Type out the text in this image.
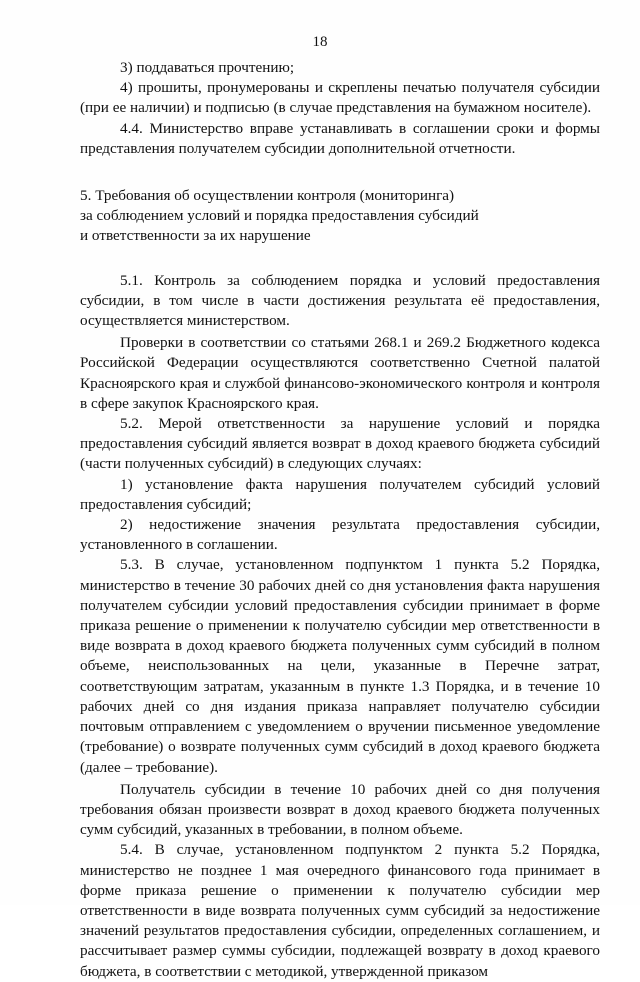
18

3) поддаваться прочтению;

4) прошиты, пронумерованы и скреплены печатью получателя субсидии (при ее наличии) и подписью (в случае представления на бумажном носителе).

4.4. Министерство вправе устанавливать в соглашении сроки и формы представления получателем субсидии дополнительной отчетности.

5. Требования об осуществлении контроля (мониторинга)
за соблюдением условий и порядка предоставления субсидий
и ответственности за их нарушение

5.1. Контроль за соблюдением порядка и условий предоставления субсидии, в том числе в части достижения результата её предоставления, осуществляется министерством.

Проверки в соответствии со статьями 268.1 и 269.2 Бюджетного кодекса Российской Федерации осуществляются соответственно Счетной палатой Красноярского края и службой финансово-экономического контроля и контроля в сфере закупок Красноярского края.

5.2. Мерой ответственности за нарушение условий и порядка предоставления субсидий является возврат в доход краевого бюджета субсидий (части полученных субсидий) в следующих случаях:

1) установление факта нарушения получателем субсидий условий предоставления субсидий;

2) недостижение значения результата предоставления субсидии, установленного в соглашении.

5.3. В случае, установленном подпунктом 1 пункта 5.2 Порядка, министерство в течение 30 рабочих дней со дня установления факта нарушения получателем субсидии условий предоставления субсидии принимает в форме приказа решение о применении к получателю субсидии мер ответственности в виде возврата в доход краевого бюджета полученных сумм субсидий в полном объеме, неиспользованных на цели, указанные в Перечне затрат, соответствующим затратам, указанным в пункте 1.3 Порядка, и в течение 10 рабочих дней со дня издания приказа направляет получателю субсидии почтовым отправлением с уведомлением о вручении письменное уведомление (требование) о возврате полученных сумм субсидий в доход краевого бюджета (далее – требование).

Получатель субсидии в течение 10 рабочих дней со дня получения требования обязан произвести возврат в доход краевого бюджета полученных сумм субсидий, указанных в требовании, в полном объеме.

5.4. В случае, установленном подпунктом 2 пункта 5.2 Порядка, министерство не позднее 1 мая очередного финансового года принимает в форме приказа решение о применении к получателю субсидии мер ответственности в виде возврата полученных сумм субсидий за недостижение значений результатов предоставления субсидии, определенных соглашением, и рассчитывает размер суммы субсидии, подлежащей возврату в доход краевого бюджета, в соответствии с методикой, утвержденной приказом
